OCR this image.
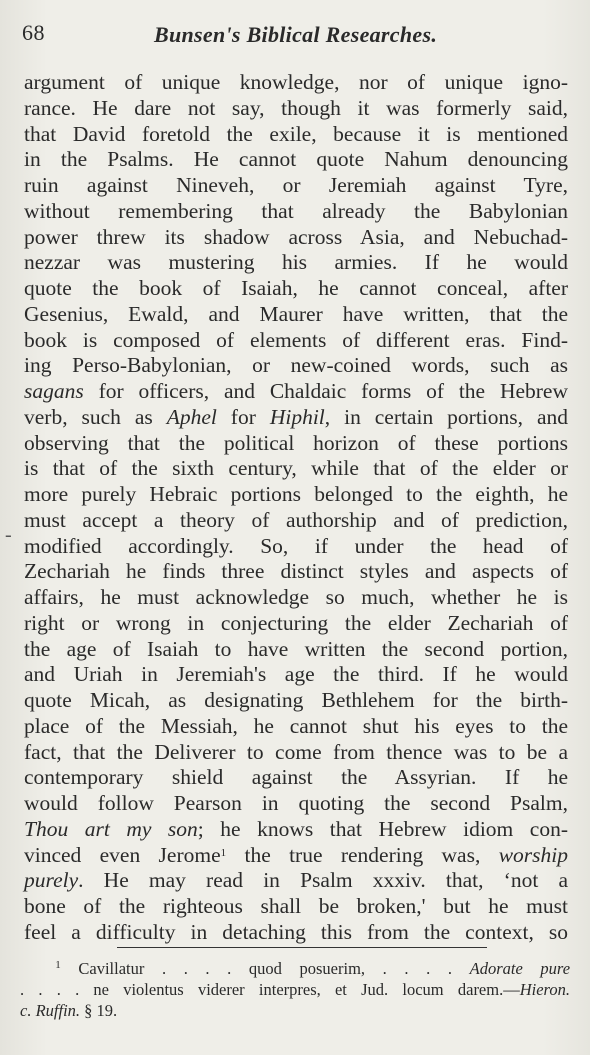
68	Bunsen's Biblical Researches.
-
argument of unique knowledge, nor of unique igno-
rance. He dare not say, though it was formerly said,
that David foretold the exile, because it is mentioned
in the Psalms. He cannot quote Nahum denouncing
ruin against Nineveh, or Jeremiah against Tyre,
without remembering that already the Babylonian
power threw its shadow across Asia, and Nebuchad-
nezzar was mustering his armies. If he would
quote the book of Isaiah, he cannot conceal, after
Gesenius, Ewald, and Maurer have written, that the
book is composed of elements of different eras. Find-
ing Perso-Babylonian, or new-coined words, such as
sagans for officers, and Chaldaic forms of the Hebrew
verb, such as Aphel for Hiphil, in certain portions, and
observing that the political horizon of these portions
is that of the sixth century, while that of the elder or
more purely Hebraic portions belonged to the eighth, he
must accept a theory of authorship and of prediction,
modified accordingly. So, if under the head of
Zechariah he finds three distinct styles and aspects of
affairs, he must acknowledge so much, whether he is
right or wrong in conjecturing the elder Zechariah of
the age of Isaiah to have written the second portion,
and Uriah in Jeremiah's age the third. If he would
quote Micah, as designating Bethlehem for the birth-
place of the Messiah, he cannot shut his eyes to the
fact, that the Deliverer to come from thence was to be a
contemporary shield against the Assyrian. If he
would follow Pearson in quoting the second Psalm,
Thou art my son; he knows that Hebrew idiom con-
vinced even Jerome$^1$ the true rendering was, worship
purely. He may read in Psalm xxxiv. that, ‘not a
bone of the righteous shall be broken,' but he must
feel a difficulty in detaching this from the context, so
$^1$ Cavillatur . . . . quod posuerim, . . . . Adorate pure
. . . . ne violentus viderer interpres, et Jud. locum darem.—Hieron.
c. Ruffin. § 19.
